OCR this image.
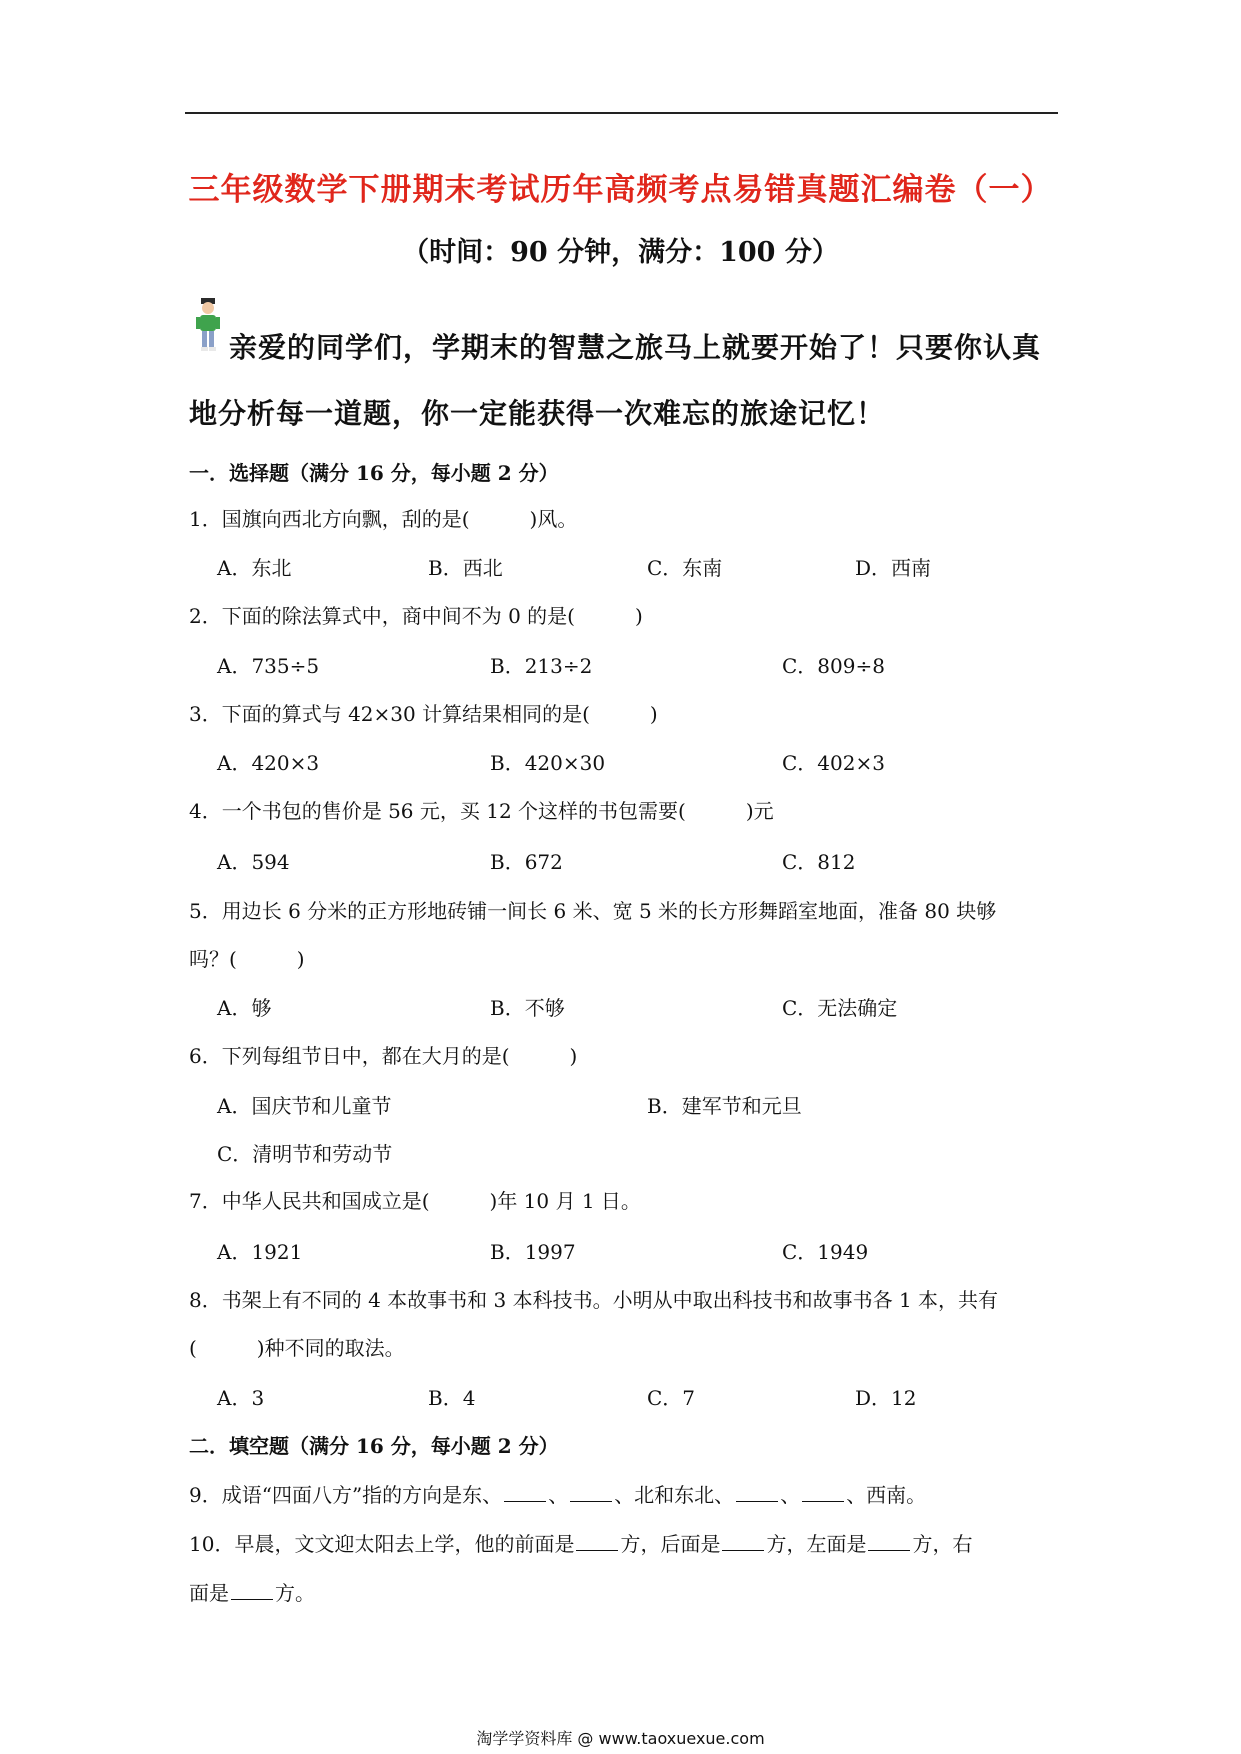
三年级数学下册期末考试历年高频考点易错真题汇编卷（一）
（时间：90 分钟，满分：100 分）
亲爱的同学们，学期末的智慧之旅马上就要开始了！只要你认真
地分析每一道题，你一定能获得一次难忘的旅途记忆！
一．选择题（满分 16 分，每小题 2 分）
1．国旗向西北方向飘，刮的是(　　　)风。
A．东北	B．西北	C．东南	D．西南
2．下面的除法算式中，商中间不为 0 的是(　　　)
A．735÷5	B．213÷2	C．809÷8
3．下面的算式与 42×30 计算结果相同的是(　　　)
A．420×3	B．420×30	C．402×3
4．一个书包的售价是 56 元，买 12 个这样的书包需要(　　　)元
A．594	B．672	C．812
5．用边长 6 分米的正方形地砖铺一间长 6 米、宽 5 米的长方形舞蹈室地面，准备 80 块够
吗？(　　　)
A．够	B．不够	C．无法确定
6．下列每组节日中，都在大月的是(　　　)
A．国庆节和儿童节	B．建军节和元旦
C．清明节和劳动节
7．中华人民共和国成立是(　　　)年 10 月 1 日。
A．1921	B．1997	C．1949
8．书架上有不同的 4 本故事书和 3 本科技书。小明从中取出科技书和故事书各 1 本，共有
(　　　)种不同的取法。
A．3	B．4	C．7	D．12
二．填空题（满分 16 分，每小题 2 分）
9．成语“四面八方”指的方向是东、 、 、北和东北、 、 、西南。
10．早晨，文文迎太阳去上学，他的前面是 方，后面是 方，左面是 方，右
面是 方。
淘学学资料库 @ www.taoxuexue.com
